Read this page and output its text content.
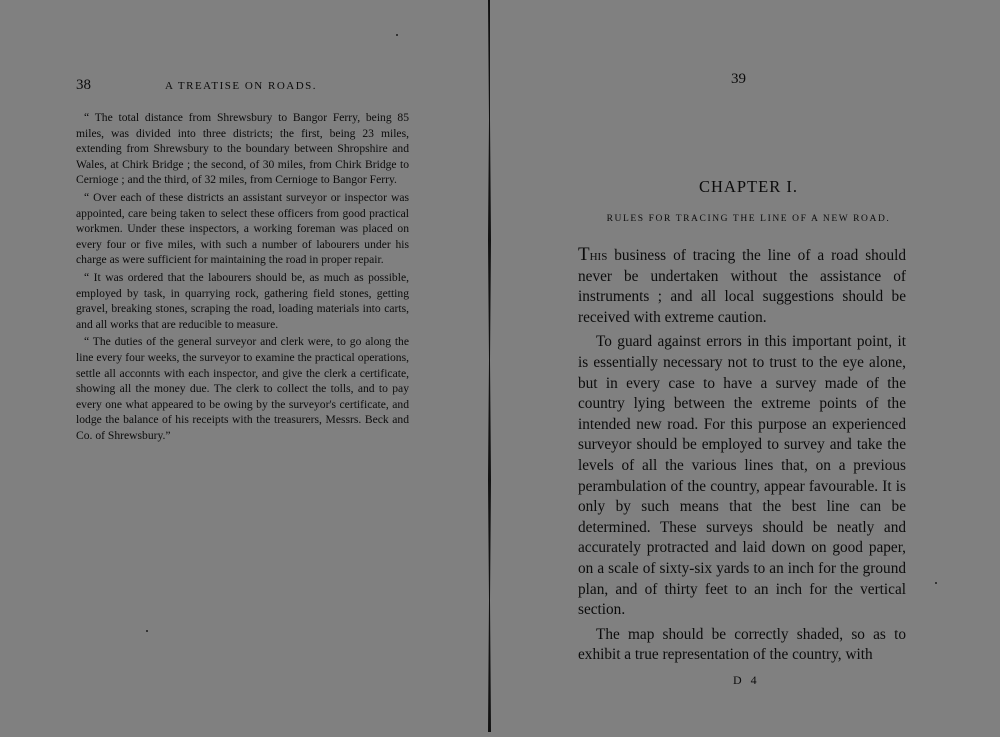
38	A TREATISE ON ROADS.

“ The total distance from Shrewsbury to Bangor Ferry, being 85 miles, was divided into three districts; the first, being 23 miles, extending from Shrewsbury to the boundary between Shropshire and Wales, at Chirk Bridge ; the second, of 30 miles, from Chirk Bridge to Cernioge ; and the third, of 32 miles, from Cernioge to Bangor Ferry.

“ Over each of these districts an assistant surveyor or inspector was appointed, care being taken to select these officers from good practical workmen. Under these inspectors, a working foreman was placed on every four or five miles, with such a number of labourers under his charge as were sufficient for maintaining the road in proper repair.

“ It was ordered that the labourers should be, as much as possible, employed by task, in quarrying rock, gathering field stones, getting gravel, breaking stones, scraping the road, loading materials into carts, and all works that are reducible to measure.

“ The duties of the general surveyor and clerk were, to go along the line every four weeks, the surveyor to examine the practical operations, settle all acconnts with each inspector, and give the clerk a certificate, showing all the money due. The clerk to collect the tolls, and to pay every one what appeared to be owing by the surveyor's certificate, and lodge the balance of his receipts with the treasurers, Messrs. Beck and Co. of Shrewsbury.”

39
CHAPTER I.
RULES FOR TRACING THE LINE OF A NEW ROAD.

This business of tracing the line of a road should never be undertaken without the assistance of instruments ; and all local suggestions should be received with extreme caution.

To guard against errors in this important point, it is essentially necessary not to trust to the eye alone, but in every case to have a survey made of the country lying between the extreme points of the intended new road. For this purpose an experienced surveyor should be employed to survey and take the levels of all the various lines that, on a previous perambulation of the country, appear favourable. It is only by such means that the best line can be determined. These surveys should be neatly and accurately protracted and laid down on good paper, on a scale of sixty-six yards to an inch for the ground plan, and of thirty feet to an inch for the vertical section.

The map should be correctly shaded, so as to exhibit a true representation of the country, with

D 4
